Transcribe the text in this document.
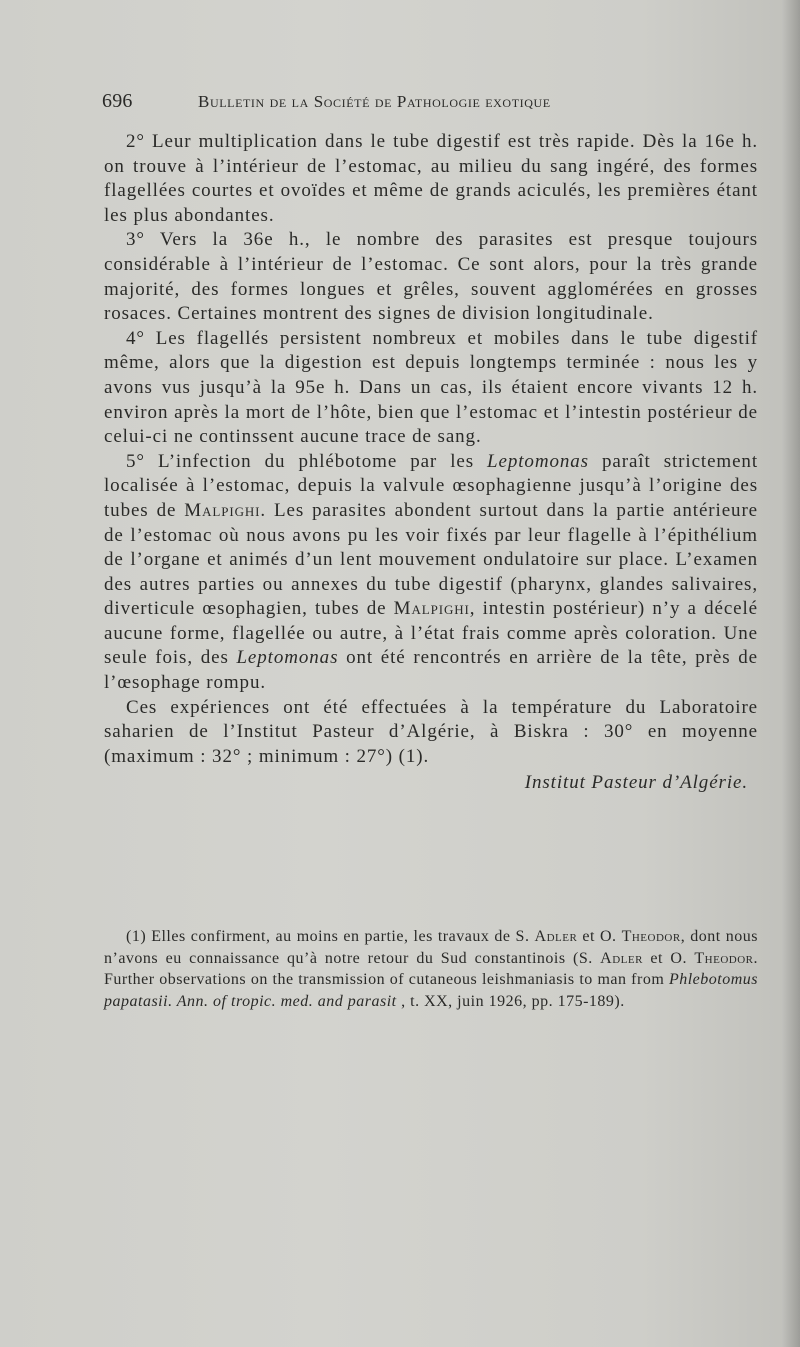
696	Bulletin de la Société de Pathologie exotique

2° Leur multiplication dans le tube digestif est très rapide. Dès la 16e h. on trouve à l’intérieur de l’estomac, au milieu du sang ingéré, des formes flagellées courtes et ovoïdes et même de grands aciculés, les premières étant les plus abondantes.

3° Vers la 36e h., le nombre des parasites est presque toujours considérable à l’intérieur de l’estomac. Ce sont alors, pour la très grande majorité, des formes longues et grêles, souvent agglomérées en grosses rosaces. Certaines montrent des signes de division longitudinale.

4° Les flagellés persistent nombreux et mobiles dans le tube digestif même, alors que la digestion est depuis longtemps terminée : nous les y avons vus jusqu’à la 95e h. Dans un cas, ils étaient encore vivants 12 h. environ après la mort de l’hôte, bien que l’estomac et l’intestin postérieur de celui-ci ne continssent aucune trace de sang.

5° L’infection du phlébotome par les Leptomonas paraît strictement localisée à l’estomac, depuis la valvule œsophagienne jusqu’à l’origine des tubes de Malpighi. Les parasites abondent surtout dans la partie antérieure de l’estomac où nous avons pu les voir fixés par leur flagelle à l’épithélium de l’organe et animés d’un lent mouvement ondulatoire sur place. L’examen des autres parties ou annexes du tube digestif (pharynx, glandes salivaires, diverticule œsophagien, tubes de Malpighi, intestin postérieur) n’y a décelé aucune forme, flagellée ou autre, à l’état frais comme après coloration. Une seule fois, des Leptomonas ont été rencontrés en arrière de la tête, près de l’œsophage rompu.

Ces expériences ont été effectuées à la température du Laboratoire saharien de l’Institut Pasteur d’Algérie, à Biskra : 30° en moyenne (maximum : 32° ; minimum : 27°) (1).

Institut Pasteur d’Algérie.

(1) Elles confirment, au moins en partie, les travaux de S. Adler et O. Theodor, dont nous n’avons eu connaissance qu’à notre retour du Sud constantinois (S. Adler et O. Theodor. Further observations on the transmission of cutaneous leishmaniasis to man from Phlebotomus papatasii. Ann. of tropic. med. and parasit , t. XX, juin 1926, pp. 175-189).
